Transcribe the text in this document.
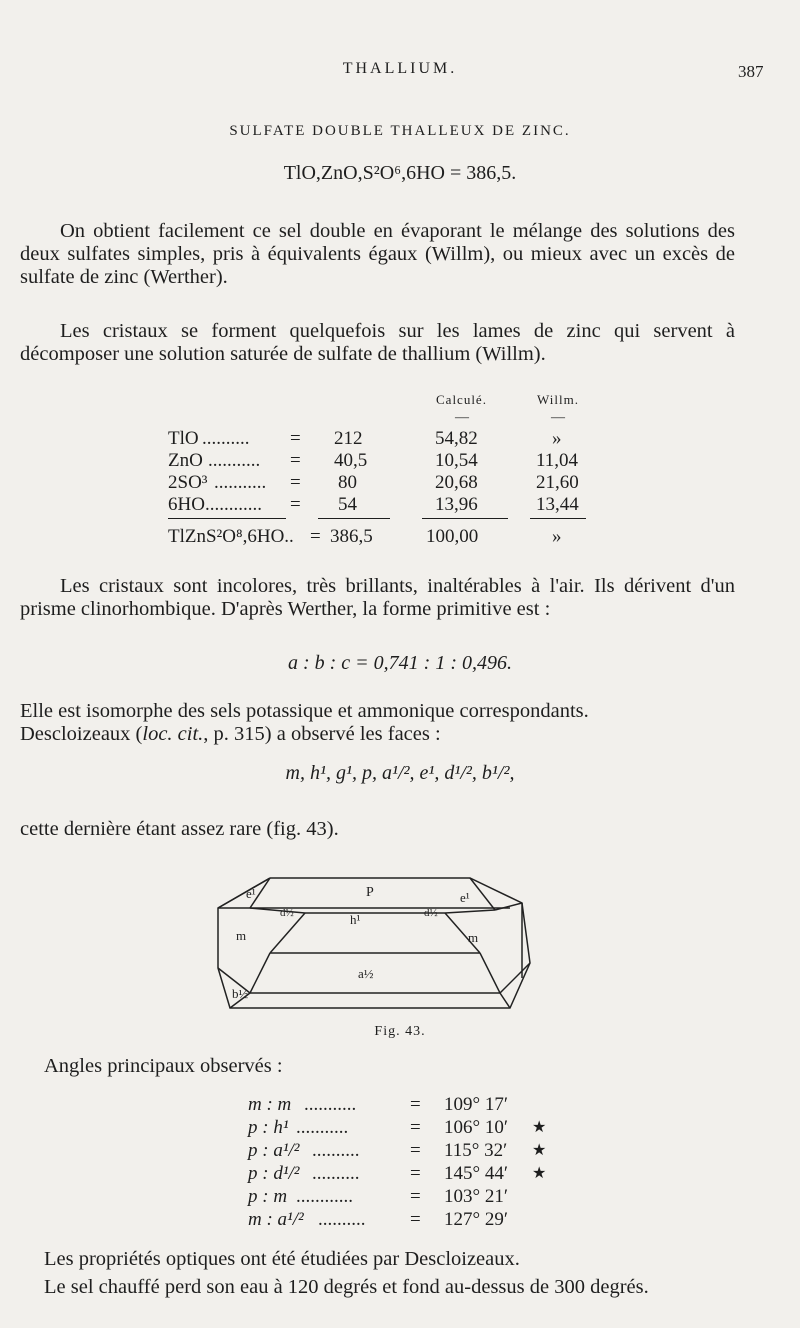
THALLIUM.	387
SULFATE DOUBLE THALLEUX DE ZINC.
TlO,ZnO,S²O⁶,6HO = 386,5.
On obtient facilement ce sel double en évaporant le mélange des solutions des deux sulfates simples, pris à équivalents égaux (Willm), ou mieux avec un excès de sulfate de zinc (Werther).
Les cristaux se forment quelquefois sur les lames de zinc qui servent à décomposer une solution saturée de sulfate de thallium (Willm).
Calculé.	Willm.
—	—
TlO .......... = 212	54,82	»
ZnO ........... = 40,5	10,54	11,04
2SO³ ........... = 80	20,68	21,60
6HO ............ = 54	13,96	13,44
TlZnS²O⁸,6HO.. = 386,5	100,00	»
Les cristaux sont incolores, très brillants, inaltérables à l'air. Ils dérivent d'un prisme clinorhombique. D'après Werther, la forme primitive est :
a : b : c = 0,741 : 1 : 0,496.
Elle est isomorphe des sels potassique et ammonique correspondants.
Descloizeaux (loc. cit., p. 315) a observé les faces :
m, h¹, g¹, p, a¹/², e¹, d¹/², b¹/²,
cette dernière étant assez rare (fig. 43).
e¹	P	e¹
d½	h¹	d½
m	m
a½
b½
Fig. 43.
Angles principaux observés :
m : m ...........	= 109° 17′
p : h¹ ...........	= 106° 10′ ★
p : a¹/² ..........	= 115° 32′ ★
p : d¹/² ..........	= 145° 44′ ★
p : m ............	= 103° 21′
m : a¹/² .......... = 127° 29′
Les propriétés optiques ont été étudiées par Descloizeaux.
Le sel chauffé perd son eau à 120 degrés et fond au-dessus de 300 degrés.
